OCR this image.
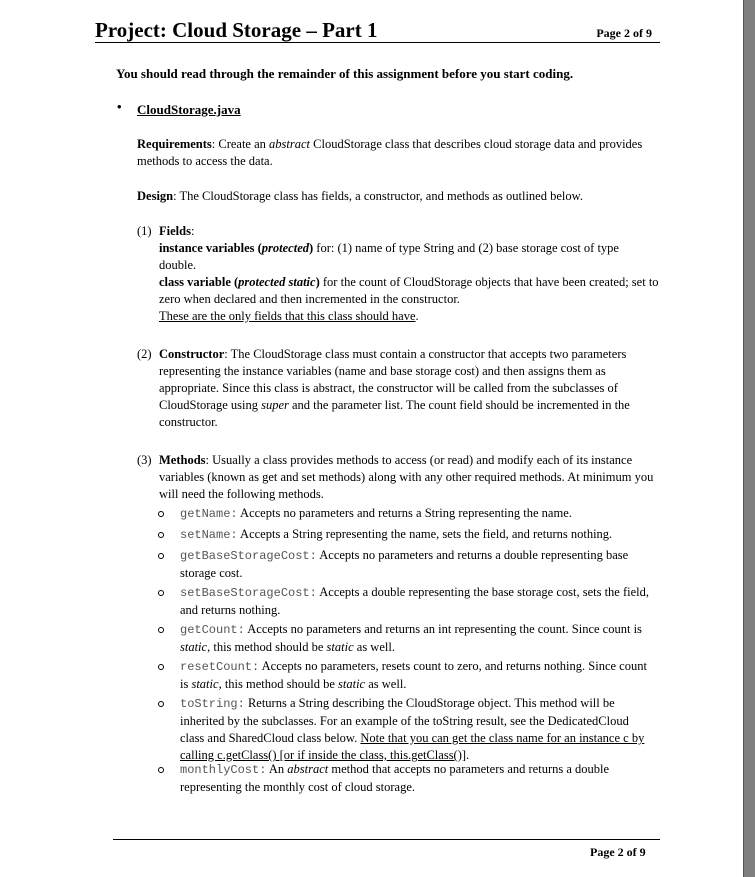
Project: Cloud Storage – Part 1	Page 2 of 9
You should read through the remainder of this assignment before you start coding.
• CloudStorage.java
Requirements: Create an abstract CloudStorage class that describes cloud storage data and provides methods to access the data.
Design: The CloudStorage class has fields, a constructor, and methods as outlined below.
(1) Fields:
instance variables (protected) for: (1) name of type String and (2) base storage cost of type double.
class variable (protected static) for the count of CloudStorage objects that have been created; set to zero when declared and then incremented in the constructor.
These are the only fields that this class should have.
(2) Constructor: The CloudStorage class must contain a constructor that accepts two parameters representing the instance variables (name and base storage cost) and then assigns them as appropriate. Since this class is abstract, the constructor will be called from the subclasses of CloudStorage using super and the parameter list. The count field should be incremented in the constructor.
(3) Methods: Usually a class provides methods to access (or read) and modify each of its instance variables (known as get and set methods) along with any other required methods. At minimum you will need the following methods.
getName: Accepts no parameters and returns a String representing the name.
setName: Accepts a String representing the name, sets the field, and returns nothing.
getBaseStorageCost: Accepts no parameters and returns a double representing base storage cost.
setBaseStorageCost: Accepts a double representing the base storage cost, sets the field, and returns nothing.
getCount: Accepts no parameters and returns an int representing the count. Since count is static, this method should be static as well.
resetCount: Accepts no parameters, resets count to zero, and returns nothing. Since count is static, this method should be static as well.
toString: Returns a String describing the CloudStorage object. This method will be inherited by the subclasses. For an example of the toString result, see the DedicatedCloud class and SharedCloud class below. Note that you can get the class name for an instance c by calling c.getClass() [or if inside the class, this.getClass()].
monthlyCost: An abstract method that accepts no parameters and returns a double representing the monthly cost of cloud storage.
Page 2 of 9
